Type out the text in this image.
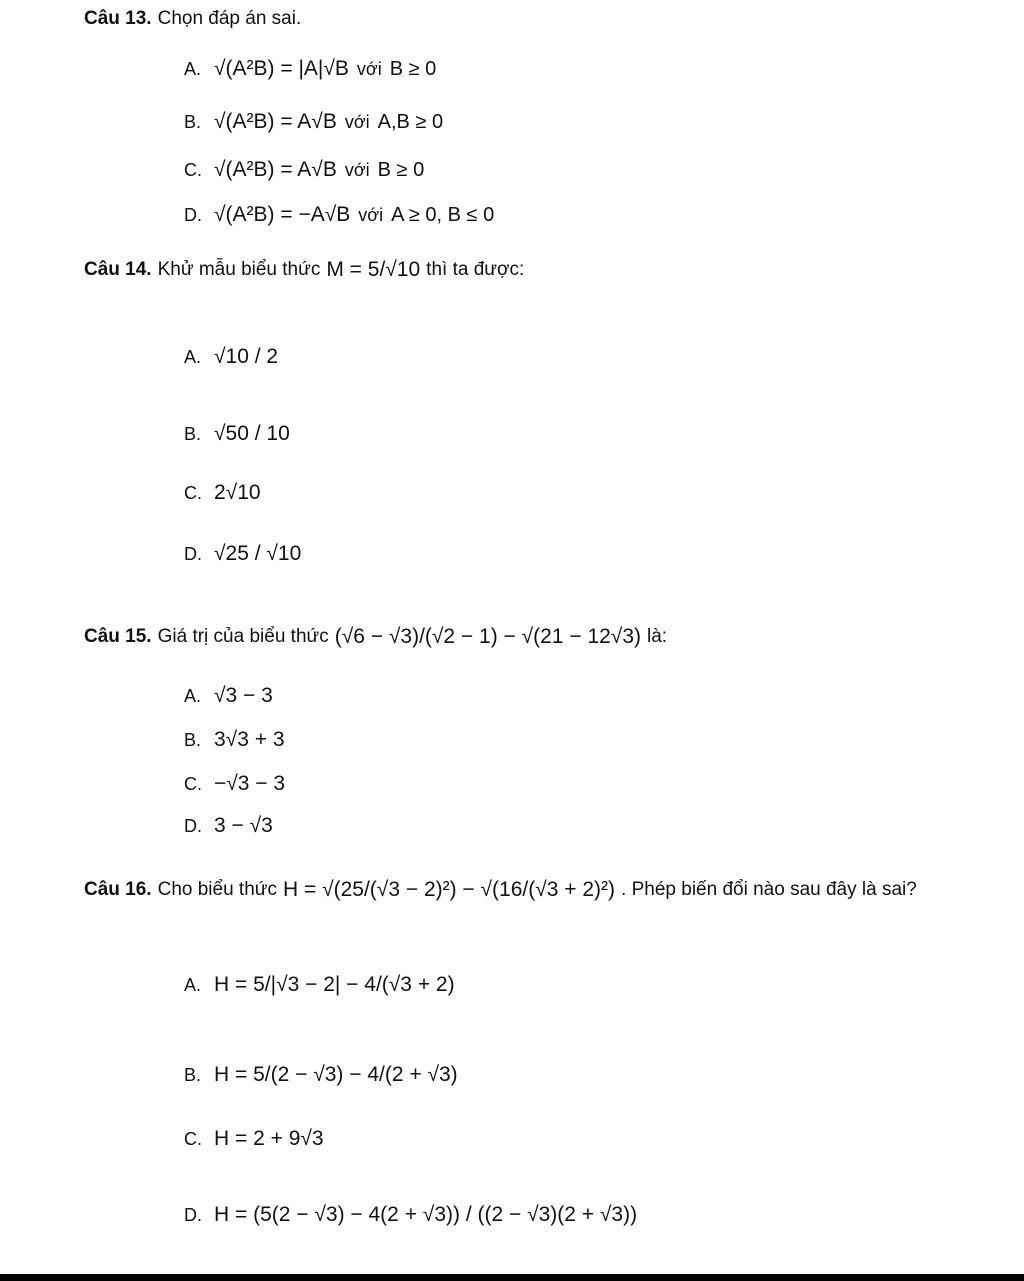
Câu 13. Chọn đáp án sai.
A. √(A²B) = |A|√B với B ≥ 0
B. √(A²B) = A√B với A,B ≥ 0
C. √(A²B) = A√B với B ≥ 0
D. √(A²B) = −A√B với A ≥ 0, B ≤ 0
Câu 14. Khử mẫu biểu thức M = 5/√10 thì ta được:
A. √10 / 2
B. √50 / 10
C. 2√10
D. √25 / √10
Câu 15. Giá trị của biểu thức (√6 − √3)/(√2 − 1) − √(21 − 12√3) là:
A. √3 − 3
B. 3√3 + 3
C. −√3 − 3
D. 3 − √3
Câu 16. Cho biểu thức H = √(25/(√3 − 2)²) − √(16/(√3 + 2)²) . Phép biến đổi nào sau đây là sai?
A. H = 5/|√3 − 2| − 4/(√3 + 2)
B. H = 5/(2 − √3) − 4/(2 + √3)
C. H = 2 + 9√3
D. H = (5(2 − √3) − 4(2 + √3)) / ((2 − √3)(2 + √3))
